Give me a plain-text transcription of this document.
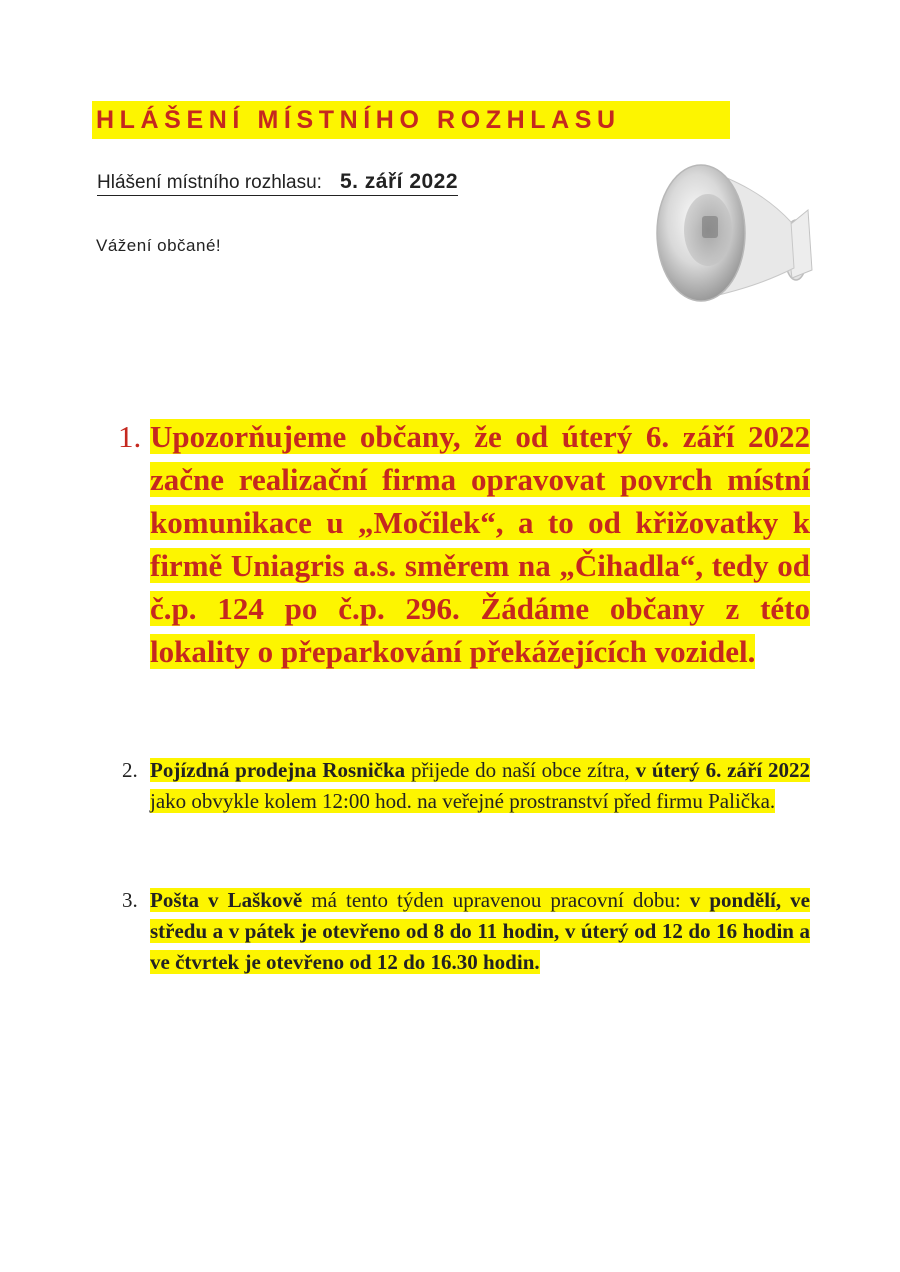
HLÁŠENÍ MÍSTNÍHO ROZHLASU
Hlášení místního rozhlasu: 5. září 2022
Vážení občané!
1. Upozorňujeme občany, že od úterý 6. září 2022 začne realizační firma opravovat povrch místní komunikace u „Močilek“, a to od křižovatky k firmě Uniagris a.s. směrem na „Čihadla“, tedy od č.p. 124 po č.p. 296. Žádáme občany z této lokality o přeparkování překážejících vozidel.
2. Pojízdná prodejna Rosnička přijede do naší obce zítra, v úterý 6. září 2022 jako obvykle kolem 12:00 hod. na veřejné prostranství před firmu Palička.
3. Pošta v Laškově má tento týden upravenou pracovní dobu: v pondělí, ve středu a v pátek je otevřeno od 8 do 11 hodin, v úterý od 12 do 16 hodin a ve čtvrtek je otevřeno od 12 do 16.30 hodin.
